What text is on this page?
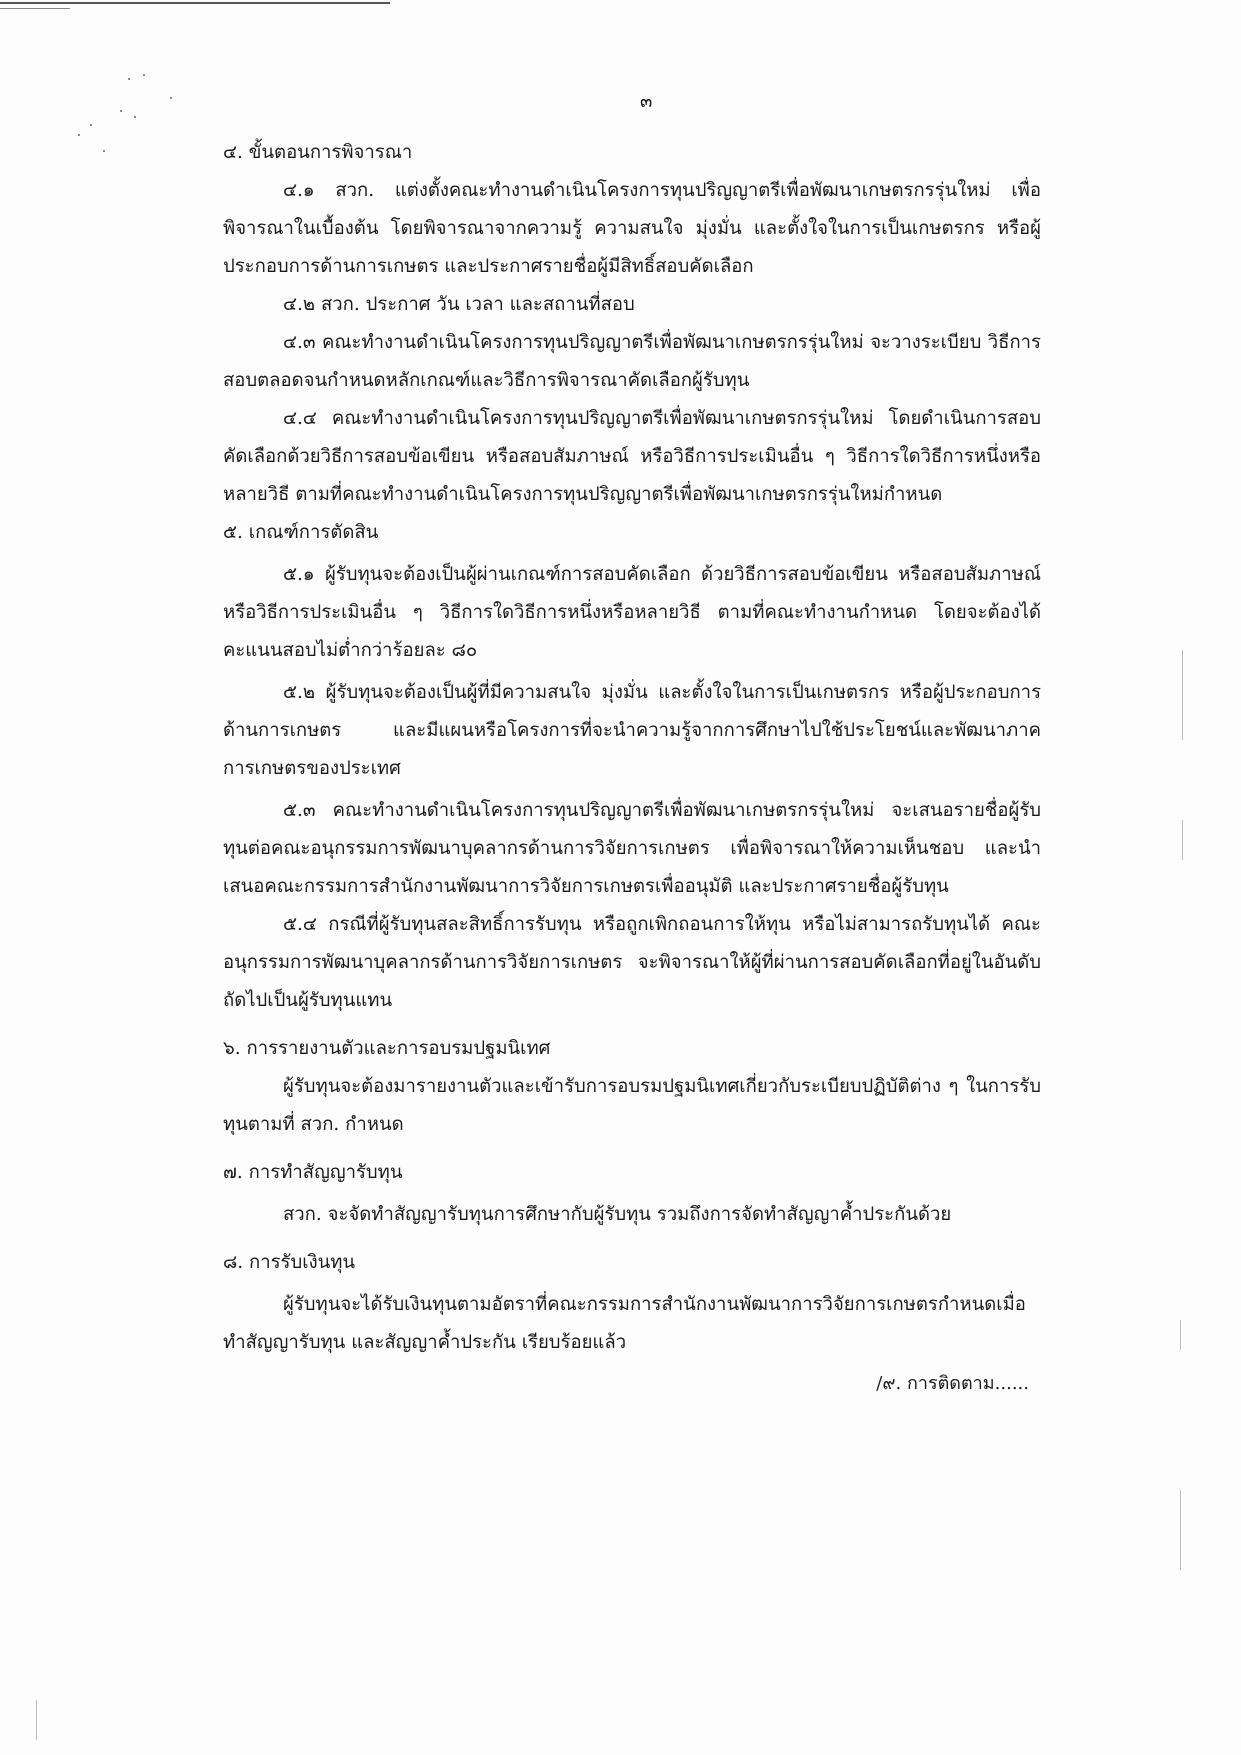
๓

๔. ขั้นตอนการพิจารณา

๔.๑ สวก. แต่งตั้งคณะทำงานดำเนินโครงการทุนปริญญาตรีเพื่อพัฒนาเกษตรกรรุ่นใหม่ เพื่อพิจารณาในเบื้องต้น โดยพิจารณาจากความรู้ ความสนใจ มุ่งมั่น และตั้งใจในการเป็นเกษตรกร หรือผู้ประกอบการด้านการเกษตร และประกาศรายชื่อผู้มีสิทธิ์สอบคัดเลือก

๔.๒ สวก. ประกาศ วัน เวลา และสถานที่สอบ

๔.๓ คณะทำงานดำเนินโครงการทุนปริญญาตรีเพื่อพัฒนาเกษตรกรรุ่นใหม่ จะวางระเบียบ วิธีการสอบตลอดจนกำหนดหลักเกณฑ์และวิธีการพิจารณาคัดเลือกผู้รับทุน

๔.๔ คณะทำงานดำเนินโครงการทุนปริญญาตรีเพื่อพัฒนาเกษตรกรรุ่นใหม่ โดยดำเนินการสอบคัดเลือกด้วยวิธีการสอบข้อเขียน หรือสอบสัมภาษณ์ หรือวิธีการประเมินอื่น ๆ วิธีการใดวิธีการหนึ่งหรือหลายวิธี ตามที่คณะทำงานดำเนินโครงการทุนปริญญาตรีเพื่อพัฒนาเกษตรกรรุ่นใหม่กำหนด

๕. เกณฑ์การตัดสิน

๕.๑ ผู้รับทุนจะต้องเป็นผู้ผ่านเกณฑ์การสอบคัดเลือก ด้วยวิธีการสอบข้อเขียน หรือสอบสัมภาษณ์ หรือวิธีการประเมินอื่น ๆ วิธีการใดวิธีการหนึ่งหรือหลายวิธี ตามที่คณะทำงานกำหนด โดยจะต้องได้คะแนนสอบไม่ต่ำกว่าร้อยละ ๘๐

๕.๒ ผู้รับทุนจะต้องเป็นผู้ที่มีความสนใจ มุ่งมั่น และตั้งใจในการเป็นเกษตรกร หรือผู้ประกอบการด้านการเกษตร และมีแผนหรือโครงการที่จะนำความรู้จากการศึกษาไปใช้ประโยชน์และพัฒนาภาคการเกษตรของประเทศ

๕.๓ คณะทำงานดำเนินโครงการทุนปริญญาตรีเพื่อพัฒนาเกษตรกรรุ่นใหม่ จะเสนอรายชื่อผู้รับทุนต่อคณะอนุกรรมการพัฒนาบุคลากรด้านการวิจัยการเกษตร เพื่อพิจารณาให้ความเห็นชอบ และนำเสนอคณะกรรมการสำนักงานพัฒนาการวิจัยการเกษตรเพื่ออนุมัติ และประกาศรายชื่อผู้รับทุน

๕.๔ กรณีที่ผู้รับทุนสละสิทธิ์การรับทุน หรือถูกเพิกถอนการให้ทุน หรือไม่สามารถรับทุนได้ คณะอนุกรรมการพัฒนาบุคลากรด้านการวิจัยการเกษตร จะพิจารณาให้ผู้ที่ผ่านการสอบคัดเลือกที่อยู่ในอันดับถัดไปเป็นผู้รับทุนแทน

๖. การรายงานตัวและการอบรมปฐมนิเทศ

ผู้รับทุนจะต้องมารายงานตัวและเข้ารับการอบรมปฐมนิเทศเกี่ยวกับระเบียบปฏิบัติต่าง ๆ ในการรับทุนตามที่ สวก. กำหนด

๗. การทำสัญญารับทุน

สวก. จะจัดทำสัญญารับทุนการศึกษากับผู้รับทุน รวมถึงการจัดทำสัญญาค้ำประกันด้วย

๘. การรับเงินทุน

ผู้รับทุนจะได้รับเงินทุนตามอัตราที่คณะกรรมการสำนักงานพัฒนาการวิจัยการเกษตรกำหนดเมื่อทำสัญญารับทุน และสัญญาค้ำประกัน เรียบร้อยแล้ว

/๙. การติดตาม......
